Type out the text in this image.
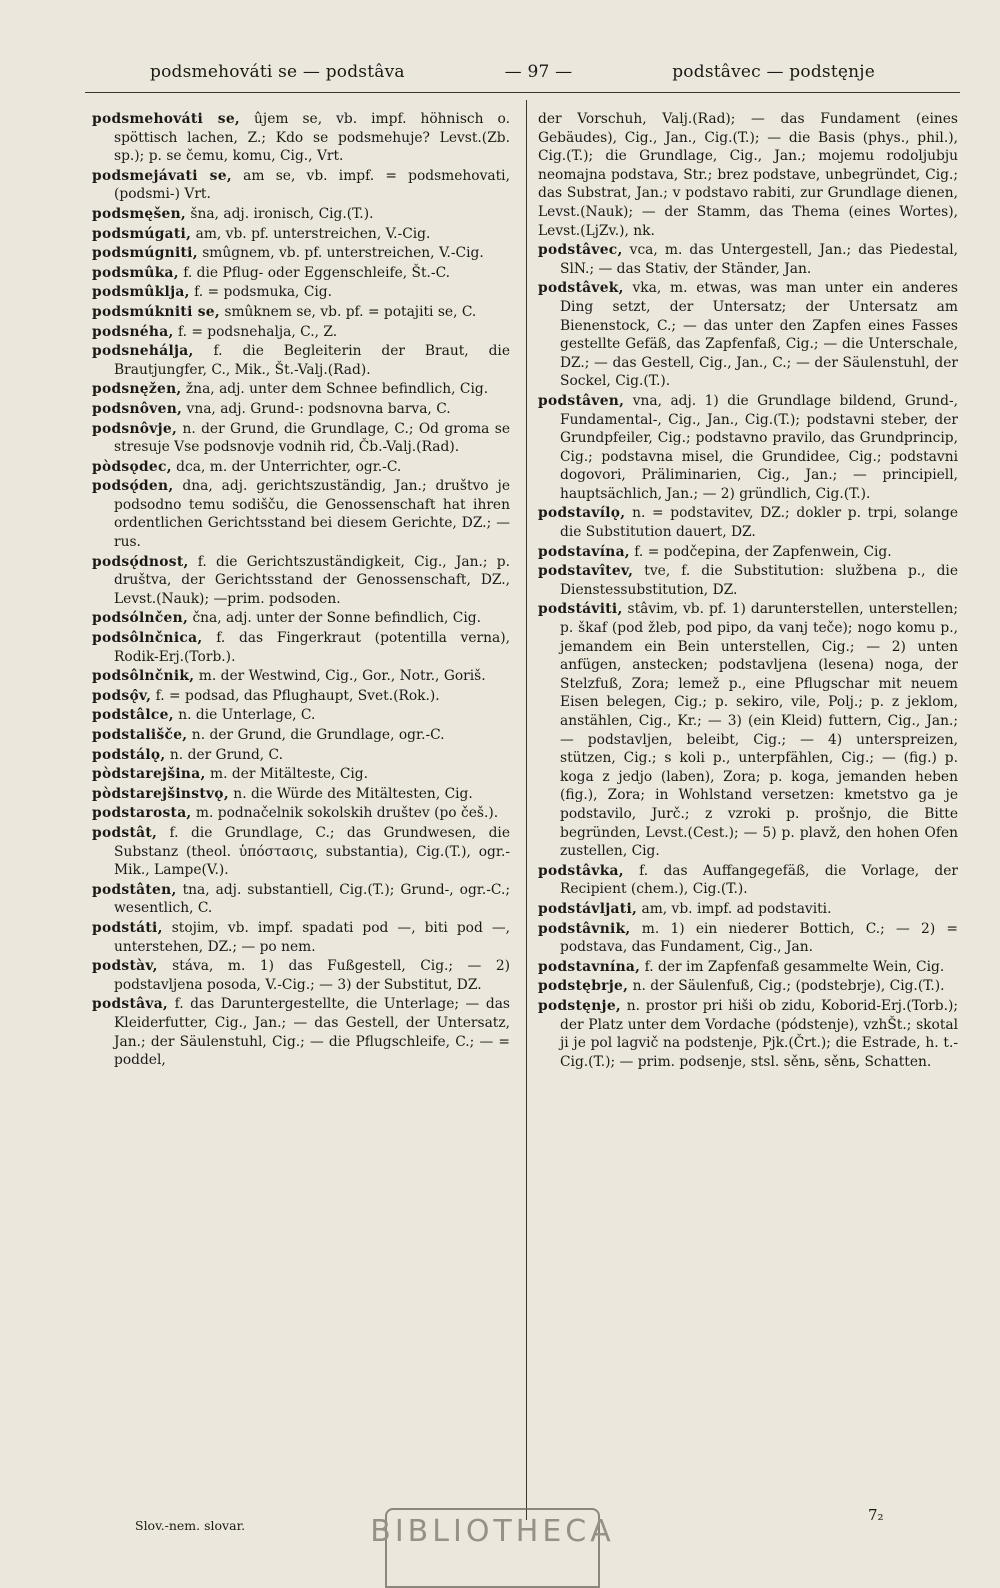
podsmehováti se — podstâva	— 97 —	podstâvec — podstęnje

podsmehováti se, ûjem se, vb. impf. höhnisch o. spöttisch lachen, Z.; Kdo se podsmehuje? Levst.(Zb. sp.); p. se čemu, komu, Cig., Vrt.

podsmejávati se, am se, vb. impf. = podsmehovati, (podsmi-) Vrt.

podsmęšen, šna, adj. ironisch, Cig.(T.).

podsmúgati, am, vb. pf. unterstreichen, V.-Cig.

podsmúgniti, smûgnem, vb. pf. unterstreichen, V.-Cig.

podsmûka, f. die Pflug- oder Eggenschleife, Št.-C.

podsmûklja, f. = podsmuka, Cig.

podsmúkniti se, smûknem se, vb. pf. = potajiti se, C.

podsnéha, f. = podsnehalja, C., Z.

podsnehálja, f. die Begleiterin der Braut, die Brautjungfer, C., Mik., Št.-Valj.(Rad).

podsnęžen, žna, adj. unter dem Schnee befindlich, Cig.

podsnôven, vna, adj. Grund-: podsnovna barva, C.

podsnôvje, n. der Grund, die Grundlage, C.; Od groma se stresuje Vse podsnovje vodnih rid, Čb.-Valj.(Rad).

pòdsǫdec, dca, m. der Unterrichter, ogr.-C.

podsǫ́den, dna, adj. gerichtszuständig, Jan.; društvo je podsodno temu sodišču, die Genossenschaft hat ihren ordentlichen Gerichtsstand bei diesem Gerichte, DZ.; — rus.

podsǫ́dnost, f. die Gerichtszuständigkeit, Cig., Jan.; p. društva, der Gerichtsstand der Genossenschaft, DZ., Levst.(Nauk); —prim. podsoden.

podsólnčen, čna, adj. unter der Sonne befindlich, Cig.

podsôlnčnica, f. das Fingerkraut (potentilla verna), Rodik-Erj.(Torb.).

podsôlnčnik, m. der Westwind, Cig., Gor., Notr., Goriš.

podsǫ̂v, f. = podsad, das Pflughaupt, Svet.(Rok.).

podstâlce, n. die Unterlage, C.

podstališče, n. der Grund, die Grundlage, ogr.-C.

podstálǫ, n. der Grund, C.

pòdstarejšina, m. der Mitälteste, Cig.

pòdstarejšinstvǫ, n. die Würde des Mitältesten, Cig.

podstarosta, m. podnačelnik sokolskih društev (po češ.).

podstât, f. die Grundlage, C.; das Grundwesen, die Substanz (theol. ὑπόστασις, substantia), Cig.(T.), ogr.-Mik., Lampe(V.).

podstâten, tna, adj. substantiell, Cig.(T.); Grund-, ogr.-C.; wesentlich, C.

podstáti, stojim, vb. impf. spadati pod —, biti pod —, unterstehen, DZ.; — po nem.

podstàv, stáva, m. 1) das Fußgestell, Cig.; — 2) podstavljena posoda, V.-Cig.; — 3) der Substitut, DZ.

podstâva, f. das Daruntergestellte, die Unterlage; — das Kleiderfutter, Cig., Jan.; — das Gestell, der Untersatz, Jan.; der Säulenstuhl, Cig.; — die Pflugschleife, C.; — = poddel,

der Vorschuh, Valj.(Rad); — das Fundament (eines Gebäudes), Cig., Jan., Cig.(T.); — die Basis (phys., phil.), Cig.(T.); die Grundlage, Cig., Jan.; mojemu rodoljubju neomajna podstava, Str.; brez podstave, unbegründet, Cig.; das Substrat, Jan.; v podstavo rabiti, zur Grundlage dienen, Levst.(Nauk); — der Stamm, das Thema (eines Wortes), Levst.(LjZv.), nk.

podstâvec, vca, m. das Untergestell, Jan.; das Piedestal, SlN.; — das Stativ, der Ständer, Jan.

podstâvek, vka, m. etwas, was man unter ein anderes Ding setzt, der Untersatz; der Untersatz am Bienenstock, C.; — das unter den Zapfen eines Fasses gestellte Gefäß, das Zapfenfaß, Cig.; — die Unterschale, DZ.; — das Gestell, Cig., Jan., C.; — der Säulenstuhl, der Sockel, Cig.(T.).

podstâven, vna, adj. 1) die Grundlage bildend, Grund-, Fundamental-, Cig., Jan., Cig.(T.); podstavni steber, der Grundpfeiler, Cig.; podstavno pravilo, das Grundprincip, Cig.; podstavna misel, die Grundidee, Cig.; podstavni dogovori, Präliminarien, Cig., Jan.; — principiell, hauptsächlich, Jan.; — 2) gründlich, Cig.(T.).

podstavílǫ, n. = podstavitev, DZ.; dokler p. trpi, solange die Substitution dauert, DZ.

podstavína, f. = podčepina, der Zapfenwein, Cig.

podstavîtev, tve, f. die Substitution: službena p., die Dienstessubstitution, DZ.

podstáviti, stâvim, vb. pf. 1) darunterstellen, unterstellen; p. škaf (pod žleb, pod pipo, da vanj teče); nogo komu p., jemandem ein Bein unterstellen, Cig.; — 2) unten anfügen, anstecken; podstavljena (lesena) noga, der Stelzfuß, Zora; lemež p., eine Pflugschar mit neuem Eisen belegen, Cig.; p. sekiro, vile, Polj.; p. z jeklom, anstählen, Cig., Kr.; — 3) (ein Kleid) futtern, Cig., Jan.; — podstavljen, beleibt, Cig.; — 4) unterspreizen, stützen, Cig.; s koli p., unterpfählen, Cig.; — (fig.) p. koga z jedjo (laben), Zora; p. koga, jemanden heben (fig.), Zora; in Wohlstand versetzen: kmetstvo ga je podstavilo, Jurč.; z vzroki p. prošnjo, die Bitte begründen, Levst.(Cest.); — 5) p. plavž, den hohen Ofen zustellen, Cig.

podstâvka, f. das Auffangegefäß, die Vorlage, der Recipient (chem.), Cig.(T.).

podstávljati, am, vb. impf. ad podstaviti.

podstâvnik, m. 1) ein niederer Bottich, C.; — 2) = podstava, das Fundament, Cig., Jan.

podstavnína, f. der im Zapfenfaß gesammelte Wein, Cig.

podstębrje, n. der Säulenfuß, Cig.; (podstebrje), Cig.(T.).

podstęnje, n. prostor pri hiši ob zidu, Koborid-Erj.(Torb.); der Platz unter dem Vordache (pódstenje), vzhŠt.; skotal ji je pol lagvič na podstenje, Pjk.(Črt.); die Estrade, h. t.-Cig.(T.); — prim. podsenje, stsl. sěnь, sěnь, Schatten.

Slov.-nem. slovar.	BIBLIOTHECA	7₂
